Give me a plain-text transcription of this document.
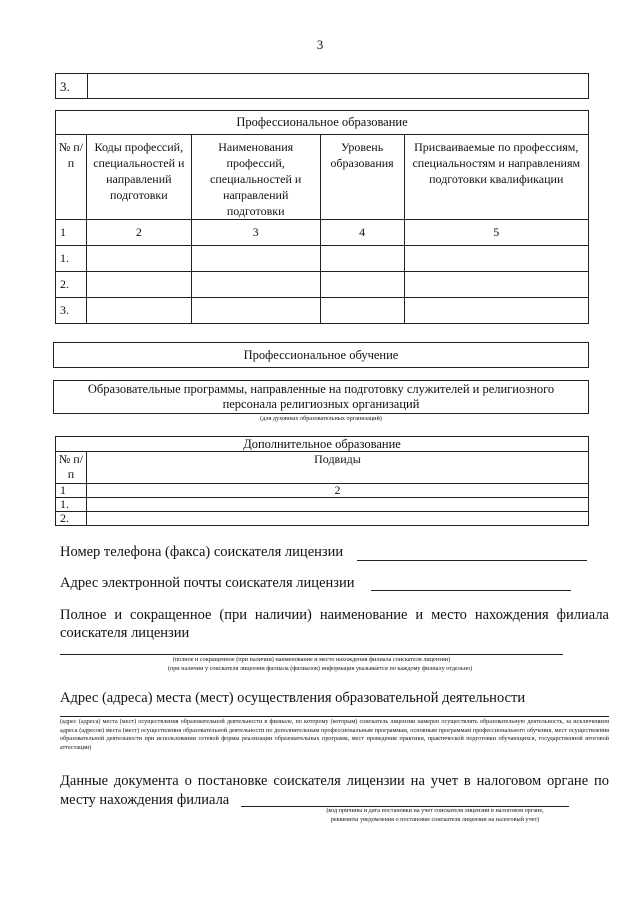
3
3.
Профессиональное образование				
№ п/п	Коды профессий, специальностей и направлений подготовки	Наименования профессий, специальностей и направлений подготовки	Уровень образования	Присваиваемые по профессиям, специальностям и направлениям подготовки квалификации
1	2	3	4	5
1.				
2.				
3.				
Профессиональное обучение
Образовательные программы, направленные на подготовку служителей и религиозного
персонала религиозных организаций
(для духовных образовательных организаций)
Дополнительное образование	
№ п/п	Подвиды
1	2
1.	
2.	
Номер телефона (факса) соискателя лицензии
Адрес электронной почты соискателя лицензии
Полное и сокращенное (при наличии) наименование и место нахождения филиала
соискателя лицензии
(полное и сокращенное (при наличии) наименование и место нахождения филиала соискателя лицензии)
(при наличии у соискателя лицензии филиала (филиалов) информация указывается по каждому филиалу отдельно)
Адрес (адреса) места (мест) осуществления образовательной деятельности
(адрес (адреса) места (мест) осуществления образовательной деятельности в филиале, по которому (которым) соискатель лицензии намерен осуществлять образовательную деятельность, за исключением адреса (адресов) места (мест) осуществления образовательной деятельности по дополнительным профессиональным программам, основным программам профессионального обучения, мест осуществления образовательной деятельности при использовании сетевой формы реализации образовательных программ, мест проведения практики, практической подготовки обучающихся, государственной итоговой аттестации)
Данные документа о постановке соискателя лицензии на учет в налоговом органе по
месту нахождения филиала
(код причины и дата постановки на учет соискателя лицензии в налоговом органе,
реквизиты уведомления о постановке соискателя лицензии на налоговый учет)
